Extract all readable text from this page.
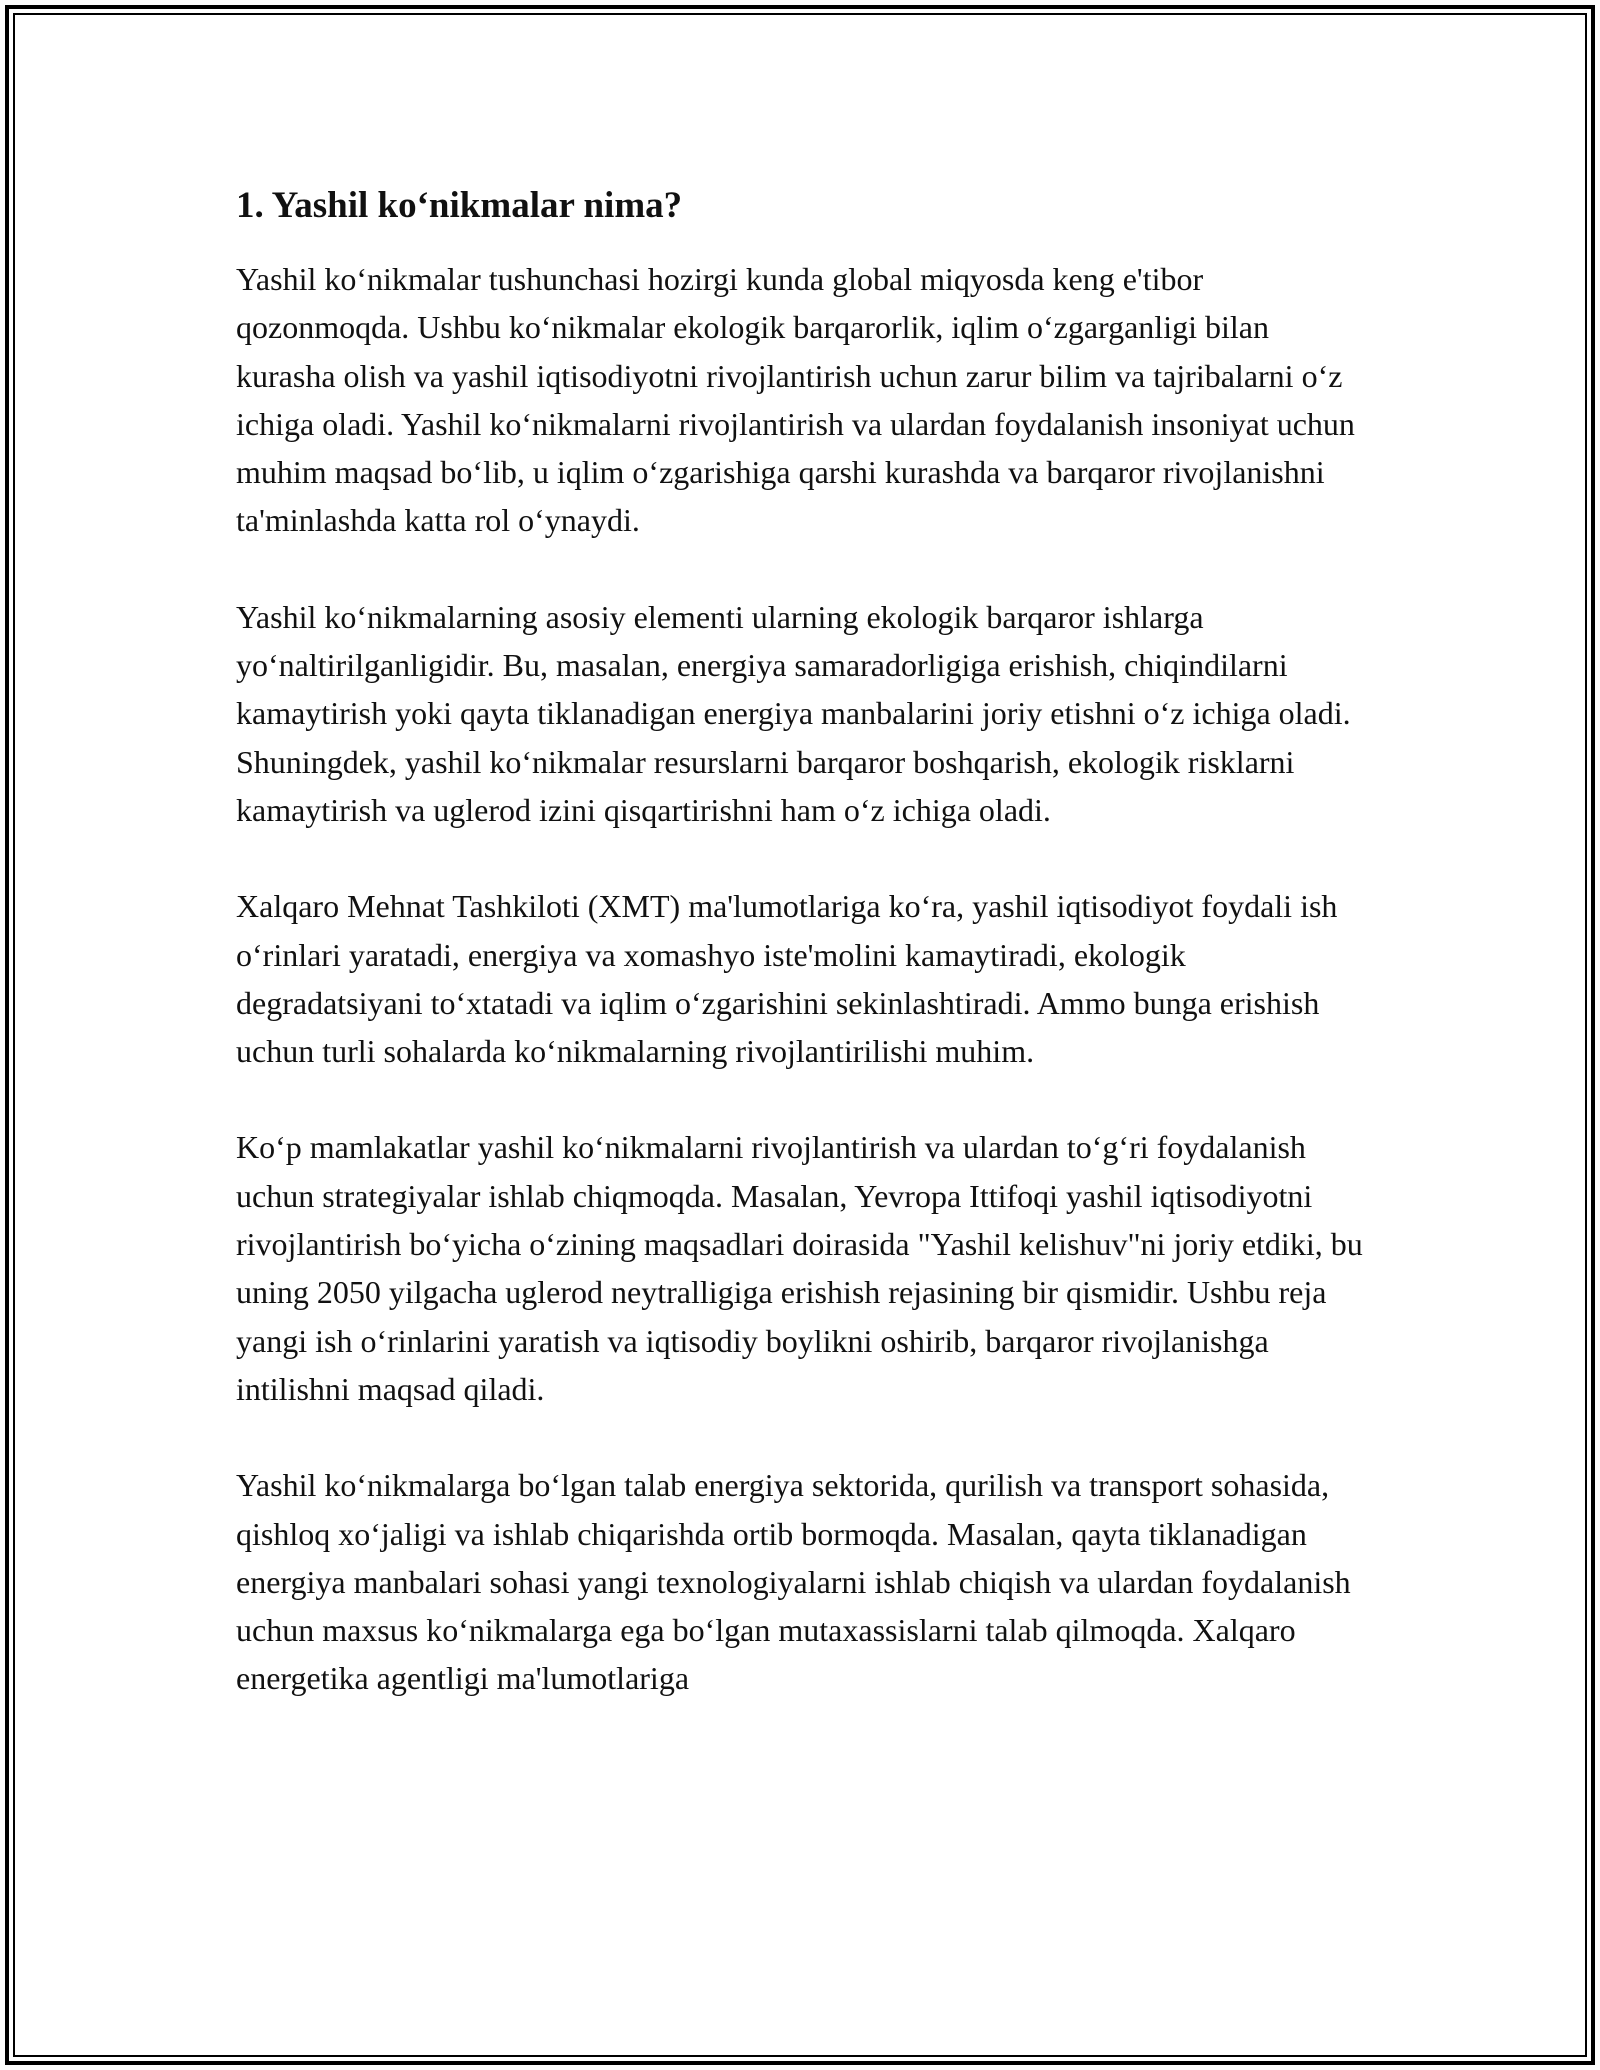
1. Yashil ko‘nikmalar nima?

Yashil ko‘nikmalar tushunchasi hozirgi kunda global miqyosda keng e'tibor qozonmoqda. Ushbu ko‘nikmalar ekologik barqarorlik, iqlim o‘zgarganligi bilan kurasha olish va yashil iqtisodiyotni rivojlantirish uchun zarur bilim va tajribalarni o‘z ichiga oladi. Yashil ko‘nikmalarni rivojlantirish va ulardan foydalanish insoniyat uchun muhim maqsad bo‘lib, u iqlim o‘zgarishiga qarshi kurashda va barqaror rivojlanishni ta'minlashda katta rol o‘ynaydi.

Yashil ko‘nikmalarning asosiy elementi ularning ekologik barqaror ishlarga yo‘naltirilganligidir. Bu, masalan, energiya samaradorligiga erishish, chiqindilarni kamaytirish yoki qayta tiklanadigan energiya manbalarini joriy etishni o‘z ichiga oladi. Shuningdek, yashil ko‘nikmalar resurslarni barqaror boshqarish, ekologik risklarni kamaytirish va uglerod izini qisqartirishni ham o‘z ichiga oladi.

Xalqaro Mehnat Tashkiloti (XMT) ma'lumotlariga ko‘ra, yashil iqtisodiyot foydali ish o‘rinlari yaratadi, energiya va xomashyo iste'molini kamaytiradi, ekologik degradatsiyani to‘xtatadi va iqlim o‘zgarishini sekinlashtiradi. Ammo bunga erishish uchun turli sohalarda ko‘nikmalarning rivojlantirilishi muhim.

Ko‘p mamlakatlar yashil ko‘nikmalarni rivojlantirish va ulardan to‘g‘ri foydalanish uchun strategiyalar ishlab chiqmoqda. Masalan, Yevropa Ittifoqi yashil iqtisodiyotni rivojlantirish bo‘yicha o‘zining maqsadlari doirasida "Yashil kelishuv"ni joriy etdiki, bu uning 2050 yilgacha uglerod neytralligiga erishish rejasining bir qismidir. Ushbu reja yangi ish o‘rinlarini yaratish va iqtisodiy boylikni oshirib, barqaror rivojlanishga intilishni maqsad qiladi.

Yashil ko‘nikmalarga bo‘lgan talab energiya sektorida, qurilish va transport sohasida, qishloq xo‘jaligi va ishlab chiqarishda ortib bormoqda. Masalan, qayta tiklanadigan energiya manbalari sohasi yangi texnologiyalarni ishlab chiqish va ulardan foydalanish uchun maxsus ko‘nikmalarga ega bo‘lgan mutaxassislarni talab qilmoqda. Xalqaro energetika agentligi ma'lumotlariga
